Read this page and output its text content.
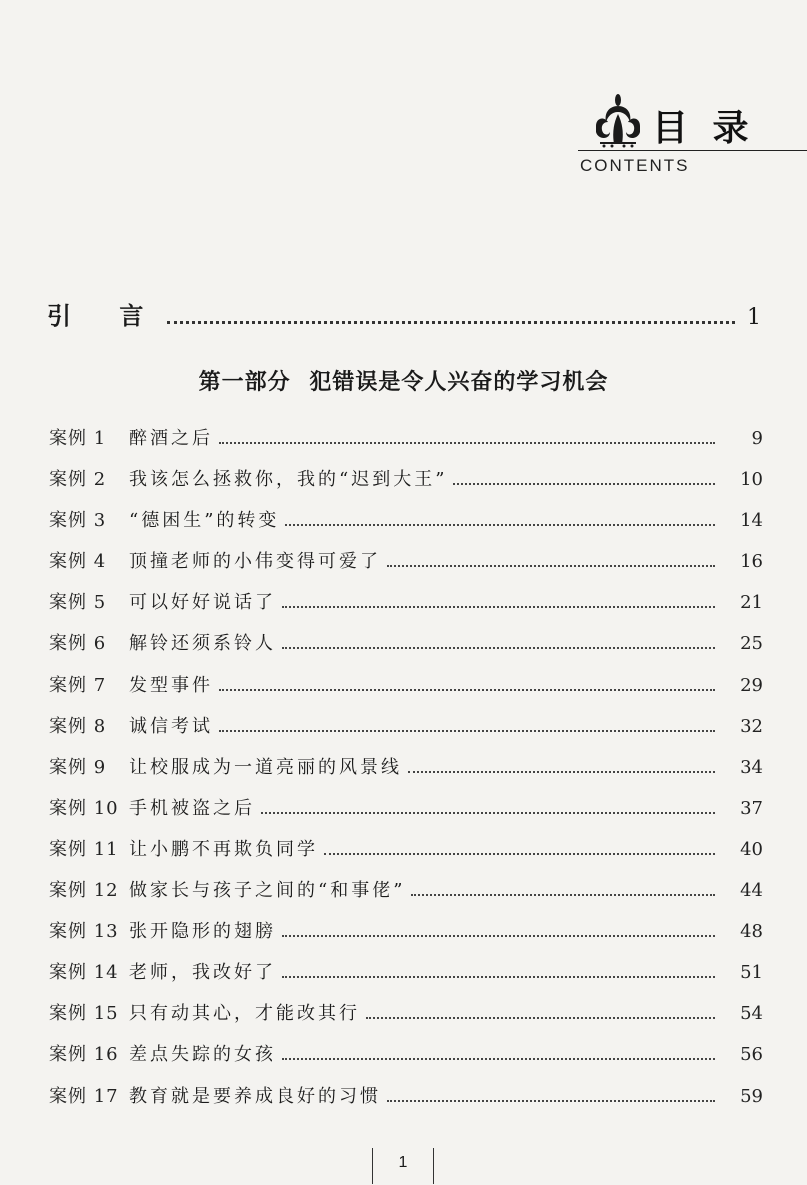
目 录
CONTENTS
引 言	1
第一部分 犯错误是令人兴奋的学习机会
案例 1	醉酒之后	9
案例 2	我该怎么拯救你，我的“迟到大王”	10
案例 3	“德困生”的转变	14
案例 4	顶撞老师的小伟变得可爱了	16
案例 5	可以好好说话了	21
案例 6	解铃还须系铃人	25
案例 7	发型事件	29
案例 8	诚信考试	32
案例 9	让校服成为一道亮丽的风景线	34
案例 10 手机被盗之后	37
案例 11 让小鹏不再欺负同学	40
案例 12 做家长与孩子之间的“和事佬”	44
案例 13 张开隐形的翅膀	48
案例 14 老师，我改好了	51
案例 15 只有动其心，才能改其行	54
案例 16 差点失踪的女孩	56
案例 17 教育就是要养成良好的习惯	59
1
